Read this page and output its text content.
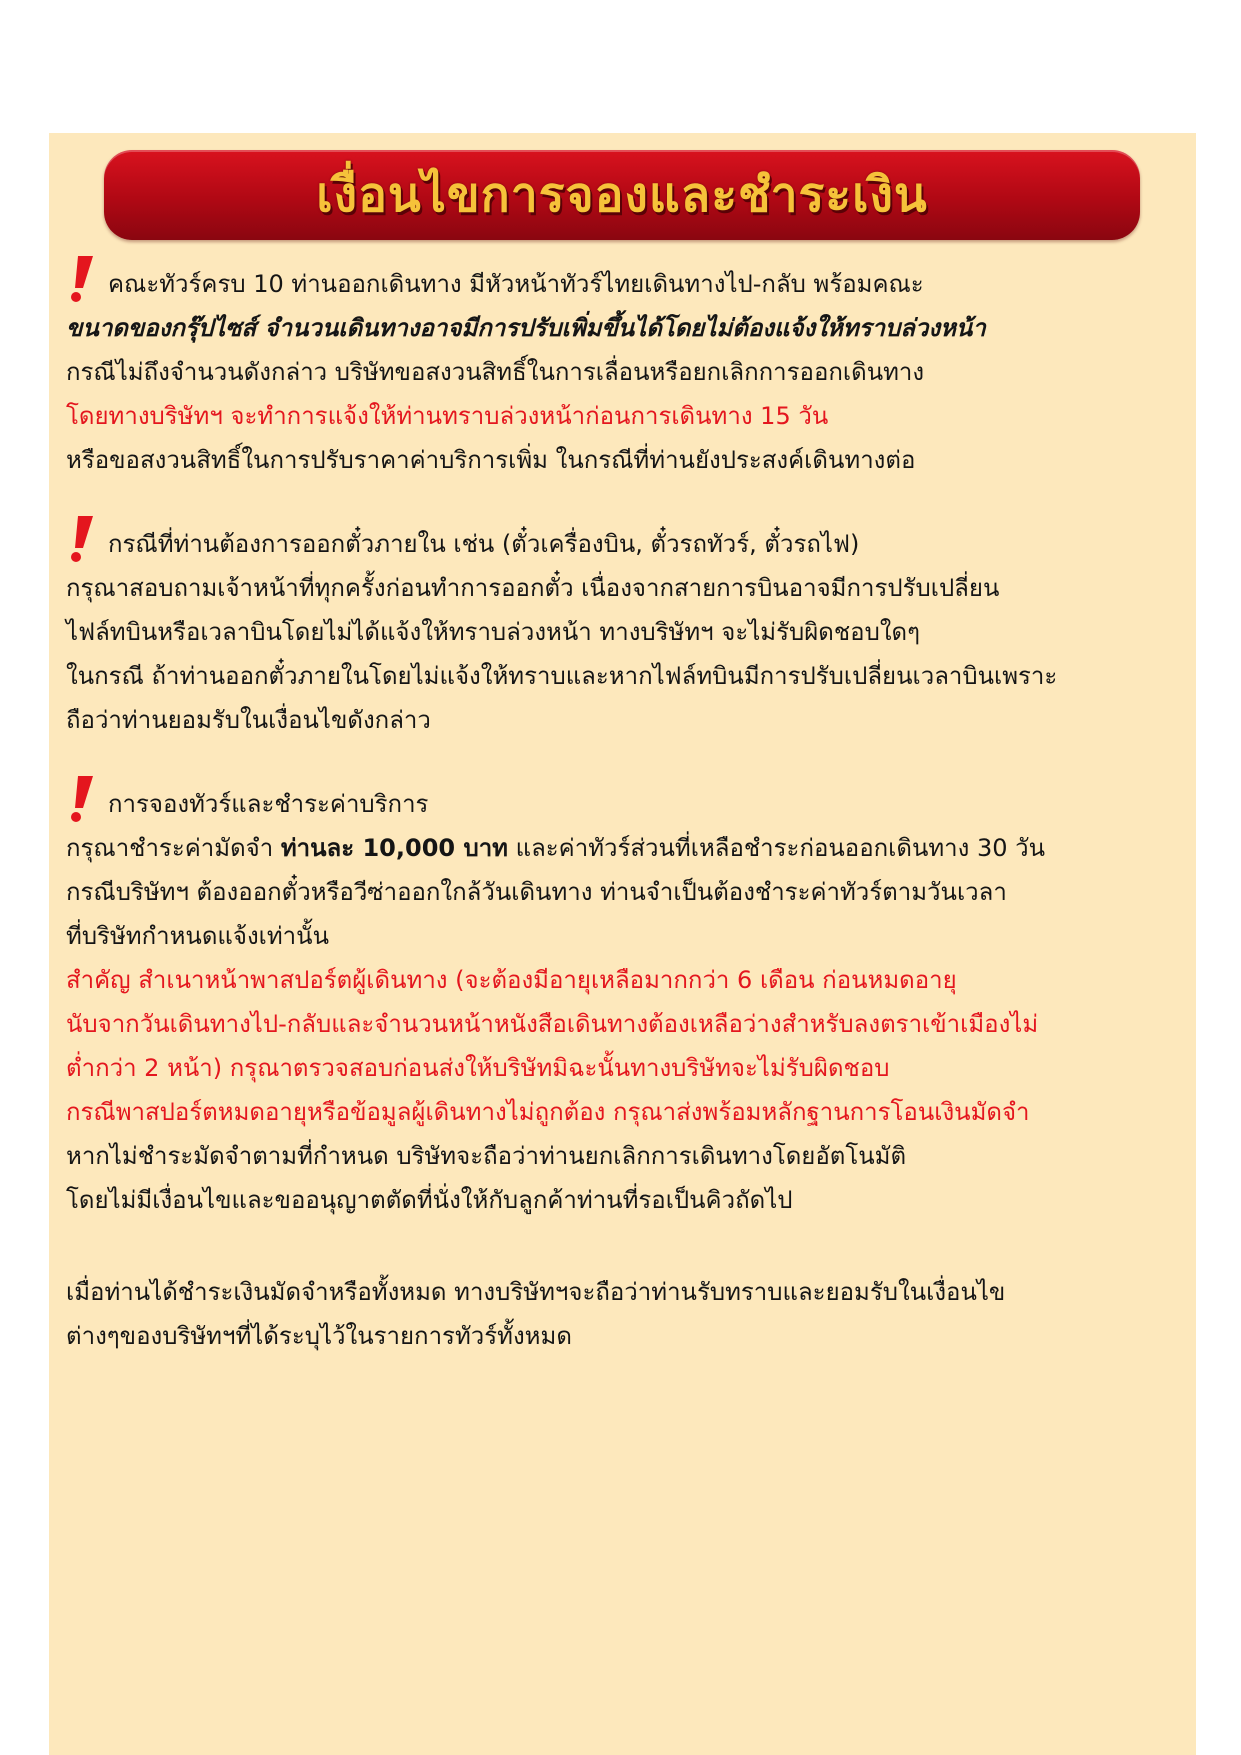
เงื่อนไขการจองและชำระเงิน
คณะทัวร์ครบ 10 ท่านออกเดินทาง มีหัวหน้าทัวร์ไทยเดินทางไป-กลับ พร้อมคณะ
ขนาดของกรุ๊ปไซส์ จำนวนเดินทางอาจมีการปรับเพิ่มขึ้นได้โดยไม่ต้องแจ้งให้ทราบล่วงหน้า
กรณีไม่ถึงจำนวนดังกล่าว บริษัทขอสงวนสิทธิ์ในการเลื่อนหรือยกเลิกการออกเดินทาง
โดยทางบริษัทฯ จะทำการแจ้งให้ท่านทราบล่วงหน้าก่อนการเดินทาง 15 วัน
หรือขอสงวนสิทธิ์ในการปรับราคาค่าบริการเพิ่ม ในกรณีที่ท่านยังประสงค์เดินทางต่อ
กรณีที่ท่านต้องการออกตั๋วภายใน เช่น (ตั๋วเครื่องบิน, ตั๋วรถทัวร์, ตั๋วรถไฟ)
กรุณาสอบถามเจ้าหน้าที่ทุกครั้งก่อนทำการออกตั๋ว เนื่องจากสายการบินอาจมีการปรับเปลี่ยน
ไฟล์ทบินหรือเวลาบินโดยไม่ได้แจ้งให้ทราบล่วงหน้า ทางบริษัทฯ จะไม่รับผิดชอบใดๆ
ในกรณี ถ้าท่านออกตั๋วภายในโดยไม่แจ้งให้ทราบและหากไฟล์ทบินมีการปรับเปลี่ยนเวลาบินเพราะ
ถือว่าท่านยอมรับในเงื่อนไขดังกล่าว
การจองทัวร์และชำระค่าบริการ
กรุณาชำระค่ามัดจำ ท่านละ 10,000 บาท และค่าทัวร์ส่วนที่เหลือชำระก่อนออกเดินทาง 30 วัน
กรณีบริษัทฯ ต้องออกตั๋วหรือวีซ่าออกใกล้วันเดินทาง ท่านจำเป็นต้องชำระค่าทัวร์ตามวันเวลา
ที่บริษัทกำหนดแจ้งเท่านั้น
สำคัญ สำเนาหน้าพาสปอร์ตผู้เดินทาง (จะต้องมีอายุเหลือมากกว่า 6 เดือน ก่อนหมดอายุ
นับจากวันเดินทางไป-กลับและจำนวนหน้าหนังสือเดินทางต้องเหลือว่างสำหรับลงตราเข้าเมืองไม่
ต่ำกว่า 2 หน้า) กรุณาตรวจสอบก่อนส่งให้บริษัทมิฉะนั้นทางบริษัทจะไม่รับผิดชอบ
กรณีพาสปอร์ตหมดอายุหรือข้อมูลผู้เดินทางไม่ถูกต้อง กรุณาส่งพร้อมหลักฐานการโอนเงินมัดจำ
หากไม่ชำระมัดจำตามที่กำหนด บริษัทจะถือว่าท่านยกเลิกการเดินทางโดยอัตโนมัติ
โดยไม่มีเงื่อนไขและขออนุญาตตัดที่นั่งให้กับลูกค้าท่านที่รอเป็นคิวถัดไป
เมื่อท่านได้ชำระเงินมัดจำหรือทั้งหมด ทางบริษัทฯจะถือว่าท่านรับทราบและยอมรับในเงื่อนไข
ต่างๆของบริษัทฯที่ได้ระบุไว้ในรายการทัวร์ทั้งหมด
